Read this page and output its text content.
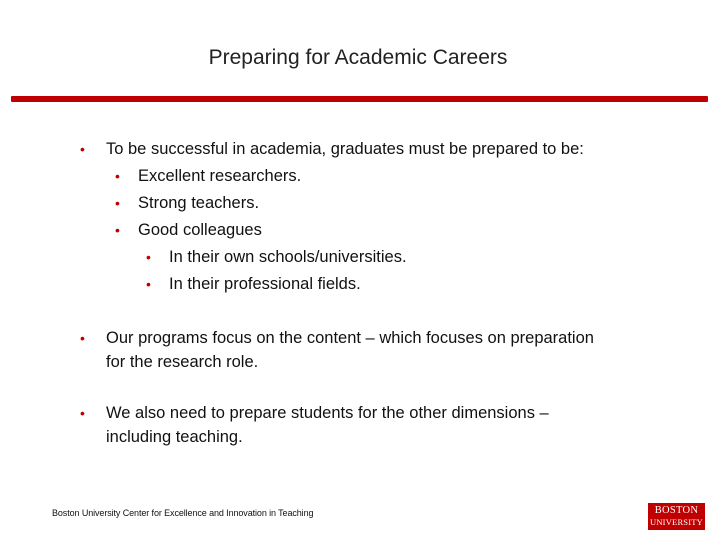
Preparing for Academic Careers
• To be successful in academia, graduates must be prepared to be:
• Excellent researchers.
• Strong teachers.
• Good colleagues
• In their own schools/universities.
• In their professional fields.
• Our programs focus on the content – which focuses on preparation
for the research role.
• We also need to prepare students for the other dimensions –
including teaching.
Boston University Center for Excellence and Innovation in Teaching	BOSTON
UNIVERSITY
